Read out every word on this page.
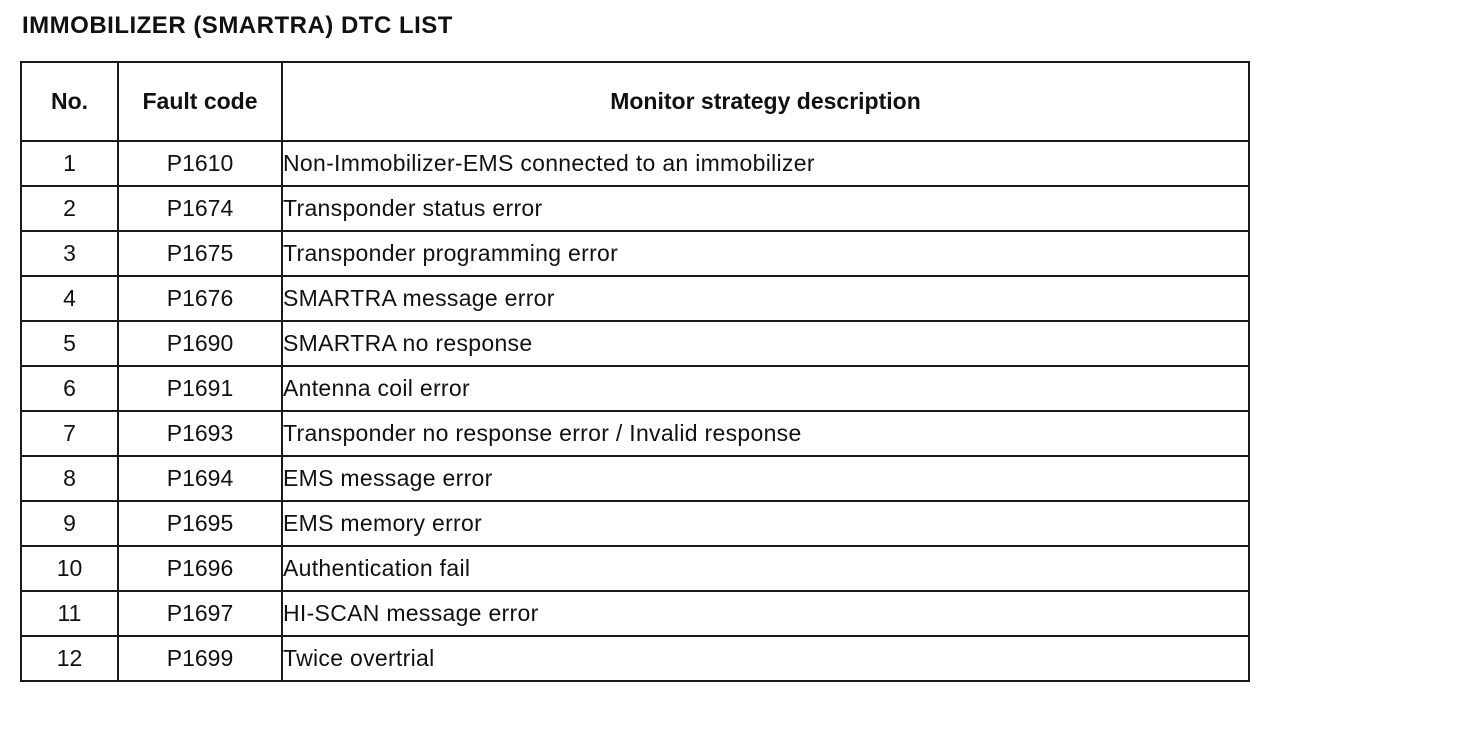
IMMOBILIZER (SMARTRA) DTC LIST
No.	Fault code	Monitor strategy description
1	P1610	Non-Immobilizer-EMS connected to an immobilizer
2	P1674	Transponder status error
3	P1675	Transponder programming error
4	P1676	SMARTRA message error
5	P1690	SMARTRA no response
6	P1691	Antenna coil error
7	P1693	Transponder no response error / Invalid response
8	P1694	EMS message error
9	P1695	EMS memory error
10	P1696	Authentication fail
11	P1697	HI-SCAN message error
12	P1699	Twice overtrial
